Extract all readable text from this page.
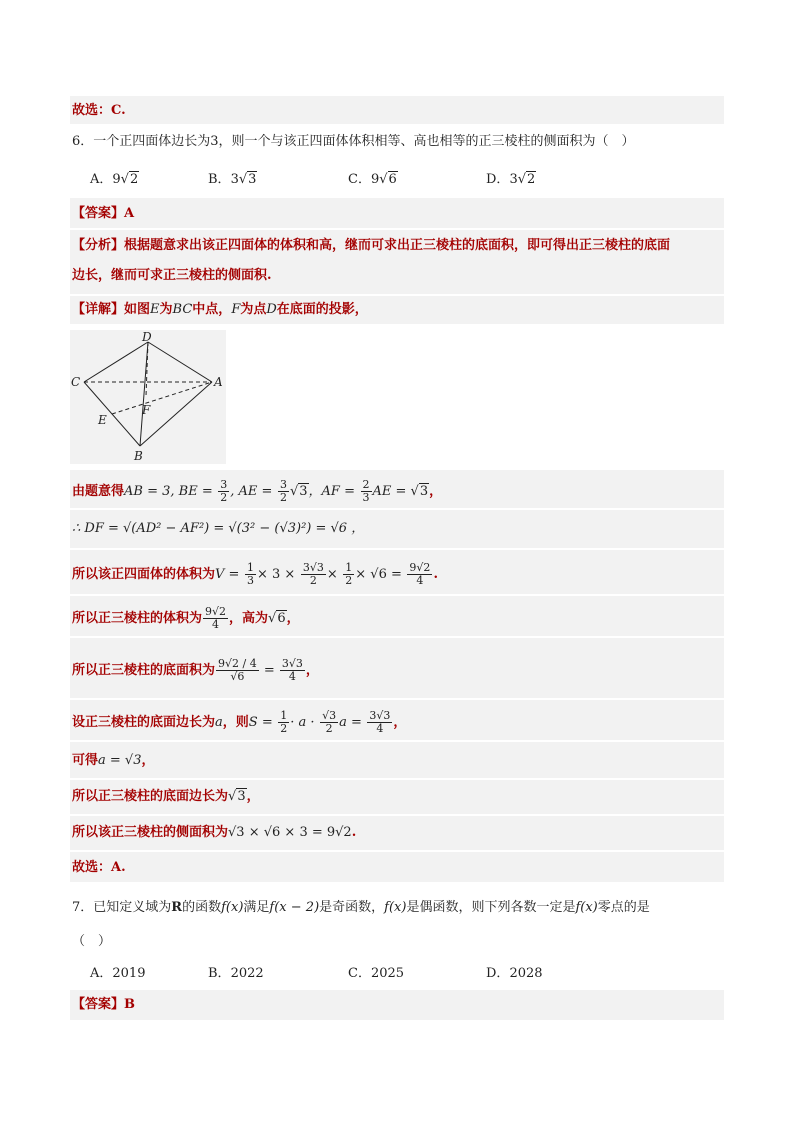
故选：C.
6．一个正四面体边长为3，则一个与该正四面体体积相等、高也相等的正三棱柱的侧面积为（　）
A．9√2	B．3√3	C．9√6	D．3√2
【答案】A
【分析】根据题意求出该正四面体的体积和高，继而可求出正三棱柱的底面积，即可得出正三棱柱的底面
边长，继而可求正三棱柱的侧面积.
【详解】如图E为BC中点，F为点D在底面的投影，
D
C	A
F
E
B
由题意得AB = 3, BE = $\frac{3}{2}$ , AE = $\frac{3}{2} √3$，AF = $\frac{2}{3}$ AE = √3，
∴ DF = √(AD² − AF²) = √(3² − (√3)²) = √6 ，
所以该正四面体的体积为$V = \frac{1}{3} \times 3 \times \frac{3√3}{2} \times \frac{1}{2} \times √6 = \frac{9√2}{4}$ .
所以正三棱柱的体积为 $\frac{9√2}{4}$ ，高为√6，
所以正三棱柱的底面积为 $\frac{9√2 / 4}{√6} = \frac{3√3}{4}$ ，
设正三棱柱的底面边长为a，则$S = \frac{1}{2} \cdot a \cdot \frac{√3}{2}$ $a = \frac{3√3}{4}$ ，
可得a = √3，
所以正三棱柱的底面边长为√3，
所以该正三棱柱的侧面积为√3 × √6 × 3 = 9√2.
故选：A.
7．已知定义域为R的函数f(x)满足f(x − 2)是奇函数，f(x)是偶函数，则下列各数一定是f(x)零点的是
（　）
A．2019	B．2022	C．2025	D．2028
【答案】B
